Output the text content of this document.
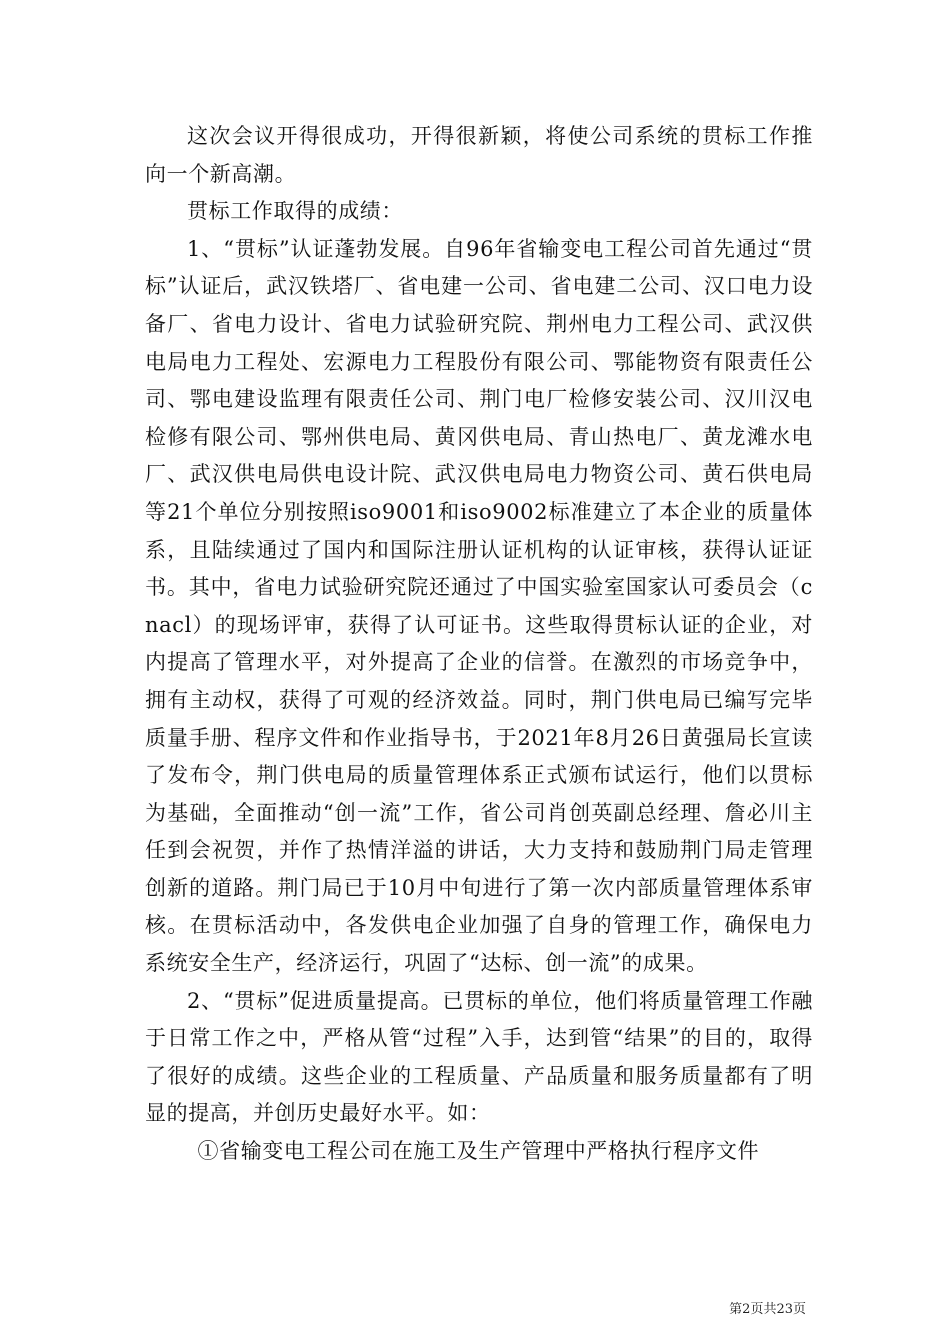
这次会议开得很成功，开得很新颖，将使公司系统的贯标工作推向一个新高潮。

贯标工作取得的成绩：

1、“贯标”认证蓬勃发展。自96年省输变电工程公司首先通过“贯标”认证后，武汉铁塔厂、省电建一公司、省电建二公司、汉口电力设备厂、省电力设计、省电力试验研究院、荆州电力工程公司、武汉供电局电力工程处、宏源电力工程股份有限公司、鄂能物资有限责任公司、鄂电建设监理有限责任公司、荆门电厂检修安装公司、汉川汉电检修有限公司、鄂州供电局、黄冈供电局、青山热电厂、黄龙滩水电厂、武汉供电局供电设计院、武汉供电局电力物资公司、黄石供电局等21个单位分别按照iso9001和iso9002标准建立了本企业的质量体系，且陆续通过了国内和国际注册认证机构的认证审核，获得认证证书。其中，省电力试验研究院还通过了中国实验室国家认可委员会（cnacl）的现场评审，获得了认可证书。这些取得贯标认证的企业，对内提高了管理水平，对外提高了企业的信誉。在激烈的市场竞争中，拥有主动权，获得了可观的经济效益。同时，荆门供电局已编写完毕质量手册、程序文件和作业指导书，于2021年8月26日黄强局长宣读了发布令，荆门供电局的质量管理体系正式颁布试运行，他们以贯标为基础，全面推动“创一流”工作，省公司肖创英副总经理、詹必川主任到会祝贺，并作了热情洋溢的讲话，大力支持和鼓励荆门局走管理创新的道路。荆门局已于10月中旬进行了第一次内部质量管理体系审核。在贯标活动中，各发供电企业加强了自身的管理工作，确保电力系统安全生产，经济运行，巩固了“达标、创一流”的成果。

2、“贯标”促进质量提高。已贯标的单位，他们将质量管理工作融于日常工作之中，严格从管“过程”入手，达到管“结果”的目的，取得了很好的成绩。这些企业的工程质量、产品质量和服务质量都有了明显的提高，并创历史最好水平。如：

①省输变电工程公司在施工及生产管理中严格执行程序文件

第2页共23页
